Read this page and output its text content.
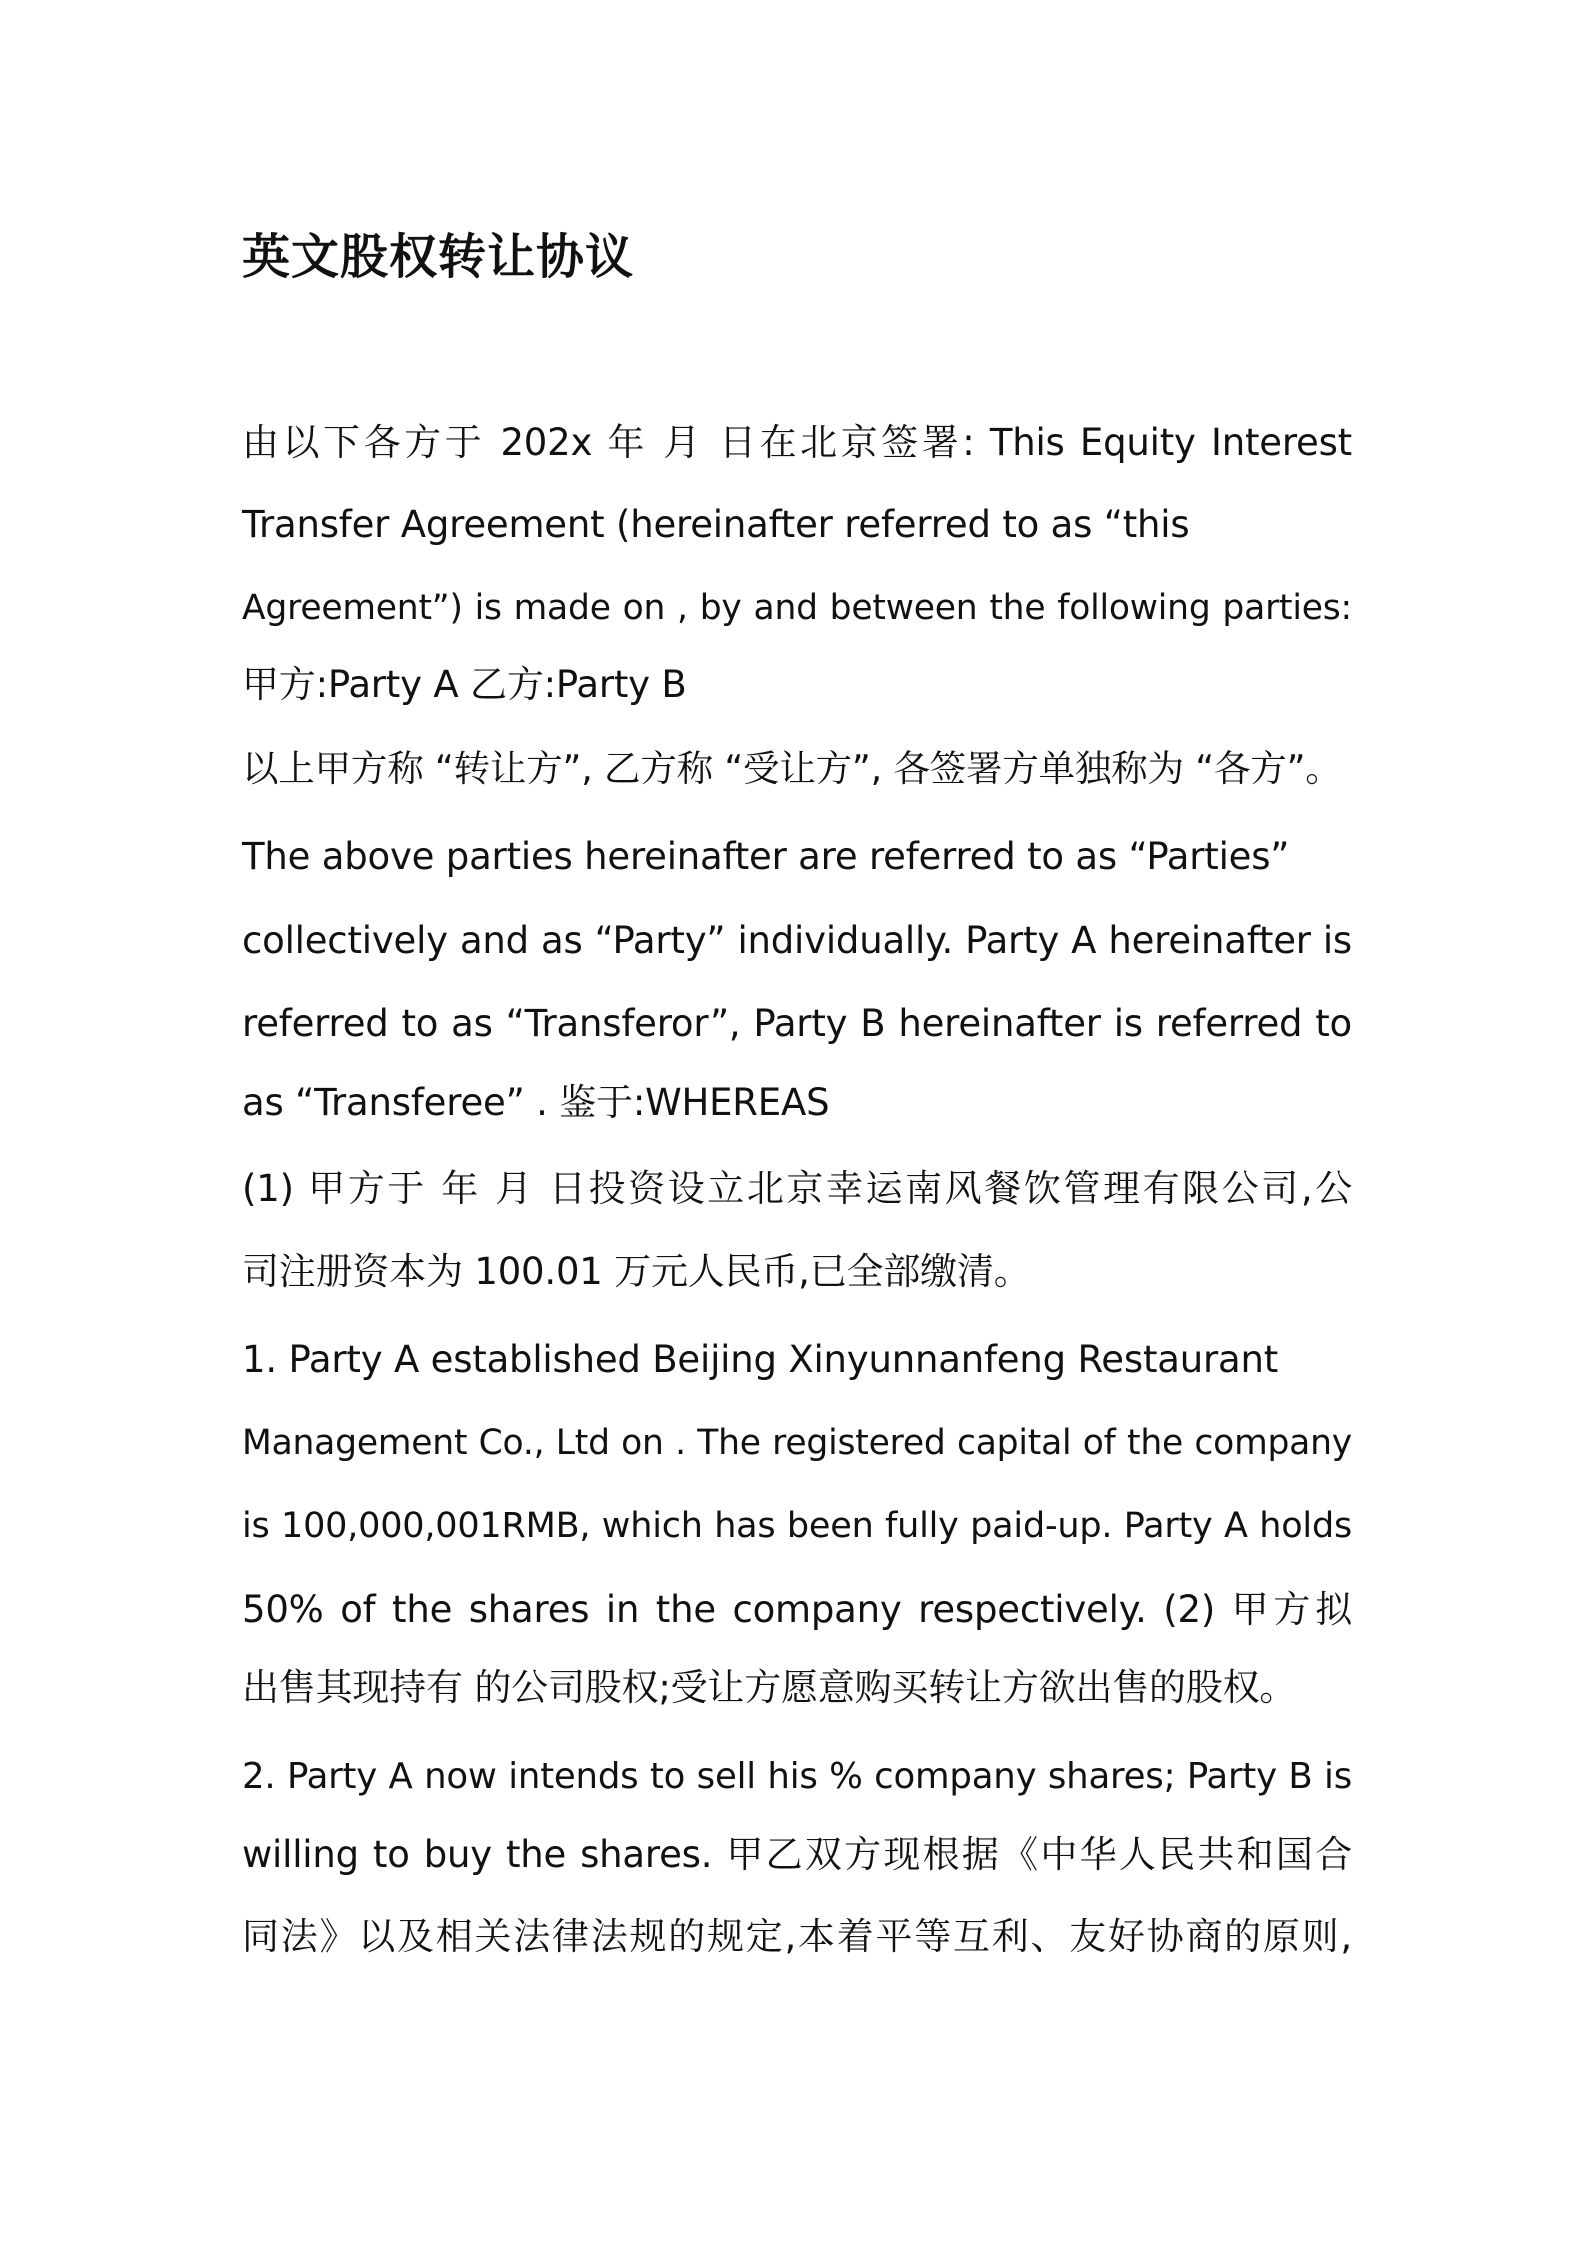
英文股权转让协议
由以下各方于 202x 年 月 日在北京签署: This Equity Interest
Transfer Agreement (hereinafter referred to as “this
Agreement”) is made on , by and between the following parties:
甲方:Party A 乙方:Party B
以上甲方称 “转让方”, 乙方称 “受让方”, 各签署方单独称为 “各方”。
The above parties hereinafter are referred to as “Parties”
collectively and as “Party” individually. Party A hereinafter is
referred to as “Transferor”, Party B hereinafter is referred to
as “Transferee” . 鉴于:WHEREAS
(1) 甲方于 年 月 日投资设立北京幸运南风餐饮管理有限公司,公
司注册资本为 100.01 万元人民币,已全部缴清。
1. Party A established Beijing Xinyunnanfeng Restaurant
Management Co., Ltd on . The registered capital of the company
is 100,000,001RMB, which has been fully paid-up. Party A holds
50% of the shares in the company respectively. (2) 甲方拟
出售其现持有 的公司股权;受让方愿意购买转让方欲出售的股权。
2. Party A now intends to sell his % company shares; Party B is
willing to buy the shares. 甲乙双方现根据《中华人民共和国合
同法》以及相关法律法规的规定,本着平等互利、友好协商的原则,
